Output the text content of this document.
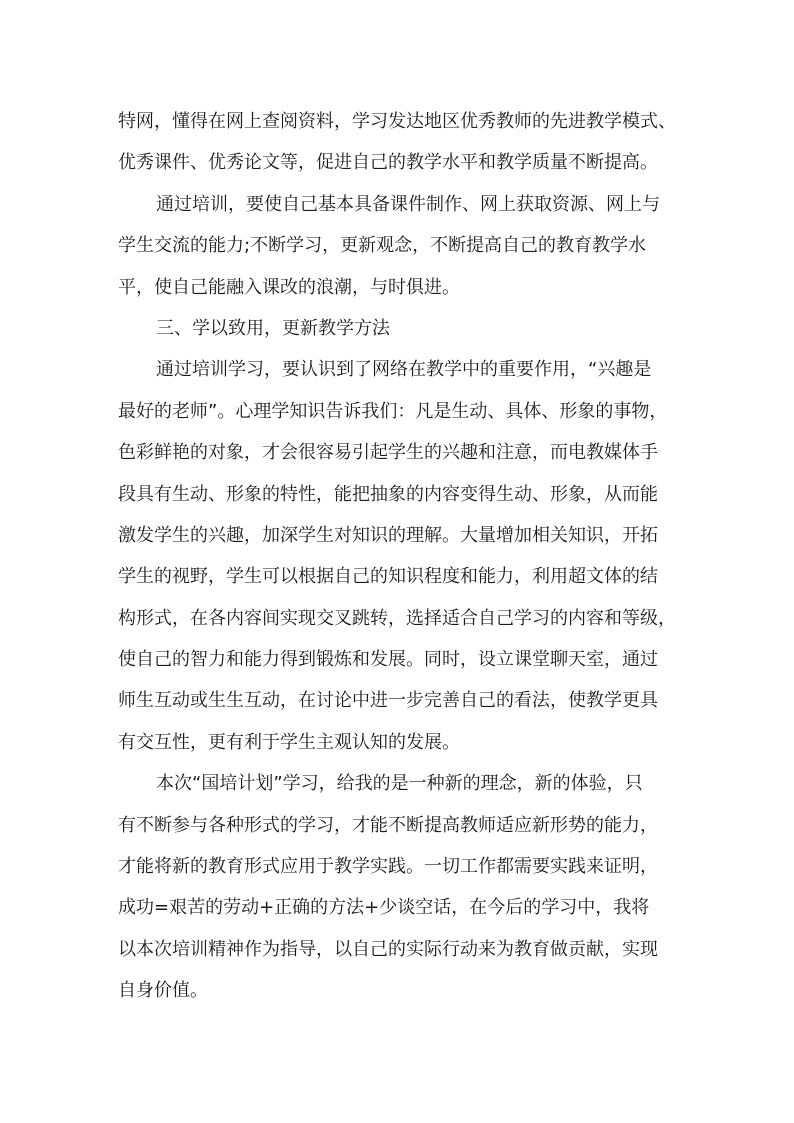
特网，懂得在网上查阅资料，学习发达地区优秀教师的先进教学模式、
优秀课件、优秀论文等，促进自己的教学水平和教学质量不断提高。
通过培训，要使自己基本具备课件制作、网上获取资源、网上与
学生交流的能力;不断学习，更新观念，不断提高自己的教育教学水
平，使自己能融入课改的浪潮，与时俱进。
三、学以致用，更新教学方法
通过培训学习，要认识到了网络在教学中的重要作用，“兴趣是
最好的老师”。心理学知识告诉我们：凡是生动、具体、形象的事物，
色彩鲜艳的对象，才会很容易引起学生的兴趣和注意，而电教媒体手
段具有生动、形象的特性，能把抽象的内容变得生动、形象，从而能
激发学生的兴趣，加深学生对知识的理解。大量增加相关知识，开拓
学生的视野，学生可以根据自己的知识程度和能力，利用超文体的结
构形式，在各内容间实现交叉跳转，选择适合自己学习的内容和等级，
使自己的智力和能力得到锻炼和发展。同时，设立课堂聊天室，通过
师生互动或生生互动，在讨论中进一步完善自己的看法，使教学更具
有交互性，更有利于学生主观认知的发展。
本次“国培计划”学习，给我的是一种新的理念，新的体验，只
有不断参与各种形式的学习，才能不断提高教师适应新形势的能力，
才能将新的教育形式应用于教学实践。一切工作都需要实践来证明，
成功=艰苦的劳动+正确的方法+少谈空话，在今后的学习中，我将
以本次培训精神作为指导，以自己的实际行动来为教育做贡献，实现
自身价值。
